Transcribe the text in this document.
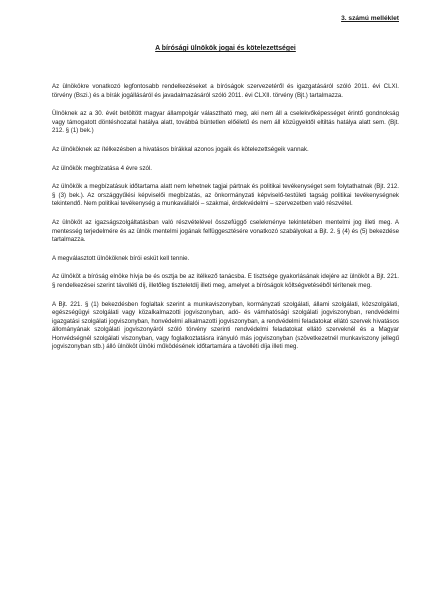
3. számú melléklet
A bírósági ülnökök jogai és kötelezettségei

Az ülnökökre vonatkozó legfontosabb rendelkezéseket a bíróságok szervezetéről és igazgatásáról szóló 2011. évi CLXI. törvény (Bszi.) és a bírák jogállásáról és javadalmazásáról szóló 2011. évi CLXII. törvény (Bjt.) tartalmazza.

Ülnöknek az a 30. évét betöltött magyar állampolgár választható meg, aki nem áll a cselekvőképességet érintő gondnokság vagy támogatott döntéshozatal hatálya alatt, továbbá büntetlen előéletű és nem áll közügyektől eltiltás hatálya alatt sem. (Bjt. 212. § (1) bek.)

Az ülnököknek az ítélkezésben a hivatásos bírákkal azonos jogaik és kötelezettségeik vannak.

Az ülnökök megbízatása 4 évre szól.

Az ülnökök a megbízatásuk időtartama alatt nem lehetnek tagjai pártnak és politikai tevékenységet sem folytathatnak (Bjt. 212. § (3) bek.). Az országgyűlési képviselői megbízatás, az önkormányzati képviselő-testületi tagság politikai tevékenységnek tekintendő. Nem politikai tevékenység a munkavállalói – szakmai, érdekvédelmi – szervezetben való részvétel.

Az ülnököt az igazságszolgáltatásban való részvételével összefüggő cselekménye tekintetében mentelmi jog illeti meg. A mentesség terjedelmére és az ülnök mentelmi jogának felfüggesztésére vonatkozó szabályokat a Bjt. 2. § (4) és (5) bekezdése tartalmazza.

A megválasztott ülnököknek bírói esküt kell tennie.

Az ülnököt a bíróság elnöke hívja be és osztja be az ítélkező tanácsba. E tisztsége gyakorlásának idejére az ülnököt a Bjt. 221. § rendelkezései szerint távolléti díj, illetőleg tiszteletdíj illeti meg, amelyet a bíróságok költségvetéséből térítenek meg.

A Bjt. 221. § (1) bekezdésben foglaltak szerint a munkaviszonyban, kormányzati szolgálati, állami szolgálati, közszolgálati, egészségügyi szolgálati vagy közalkalmazotti jogviszonyban, adó- és vámhatósági szolgálati jogviszonyban, rendvédelmi igazgatási szolgálati jogviszonyban, honvédelmi alkalmazotti jogviszonyban, a rendvédelmi feladatokat ellátó szervek hivatásos állományának szolgálati jogviszonyáról szóló törvény szerinti rendvédelmi feladatokat ellátó szerveknél és a Magyar Honvédségnél szolgálati viszonyban, vagy foglalkoztatásra irányuló más jogviszonyban (szövetkezetnél munkaviszony jellegű jogviszonyban stb.) álló ülnököt ülnöki működésének időtartamára a távolléti díja illeti meg.
